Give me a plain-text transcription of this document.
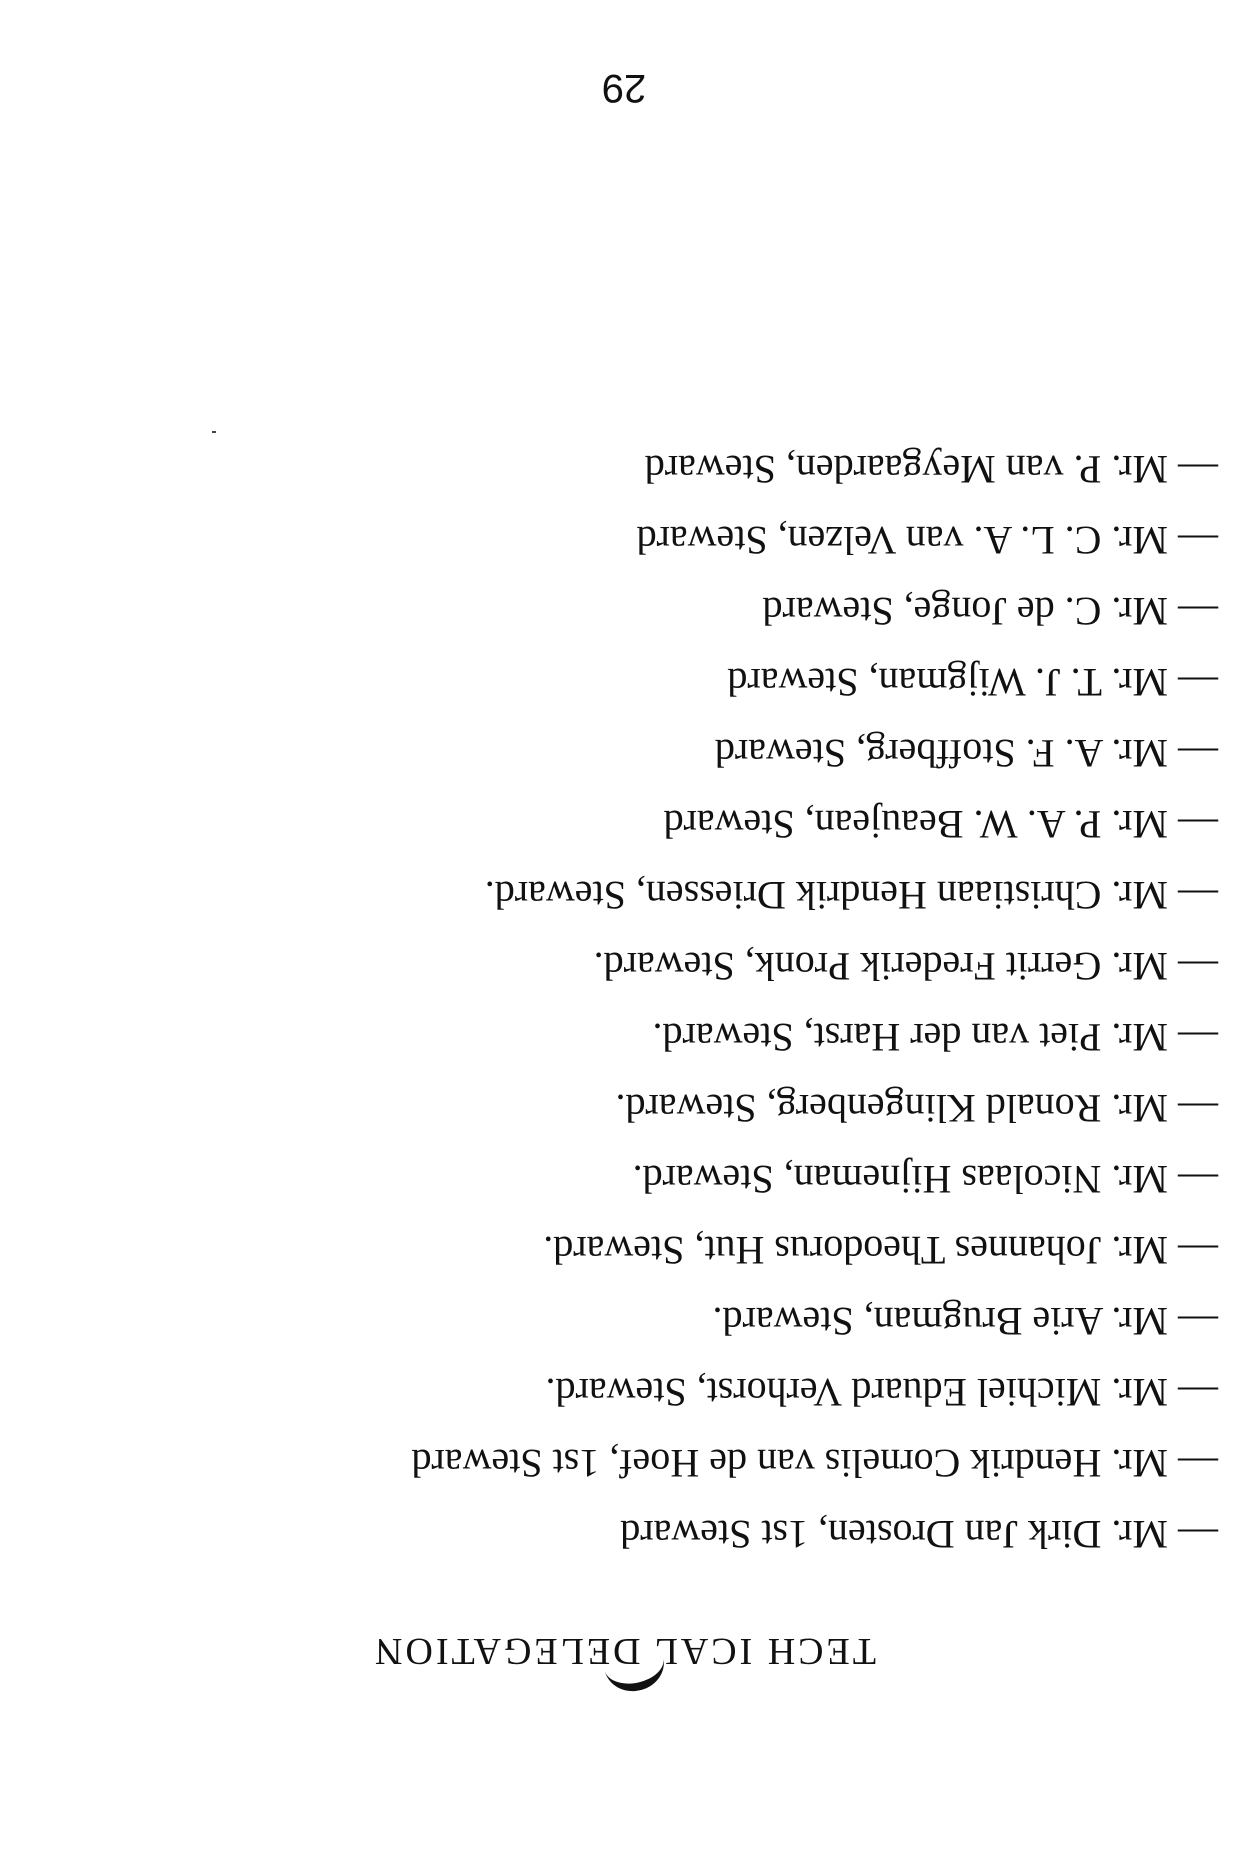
TECH ICAL DELEGATION
— Mr. Dirk Jan Drosten, 1st Steward
— Mr. Hendrik Cornelis van de Hoef, 1st Steward
— Mr. Michiel Eduard Verhorst, Steward.
— Mr. Arie Brugman, Steward.
— Mr. Johannes Theodorus Hut, Steward.
— Mr. Nicolaas Hijneman, Steward.
— Mr. Ronald Klingenberg, Steward.
— Mr. Piet van der Harst, Steward.
— Mr. Gerrit Frederik Pronk, Steward.
— Mr. Christiaan Hendrik Driessen, Steward.
— Mr. P. A. W. Beaujean, Steward
— Mr. A. F. Stoffberg, Steward
— Mr. T. J. Wijgman, Steward
— Mr. C. de Jonge, Steward
— Mr. C. L. A. van Velzen, Steward
— Mr. P. van Meygaarden, Steward
29
